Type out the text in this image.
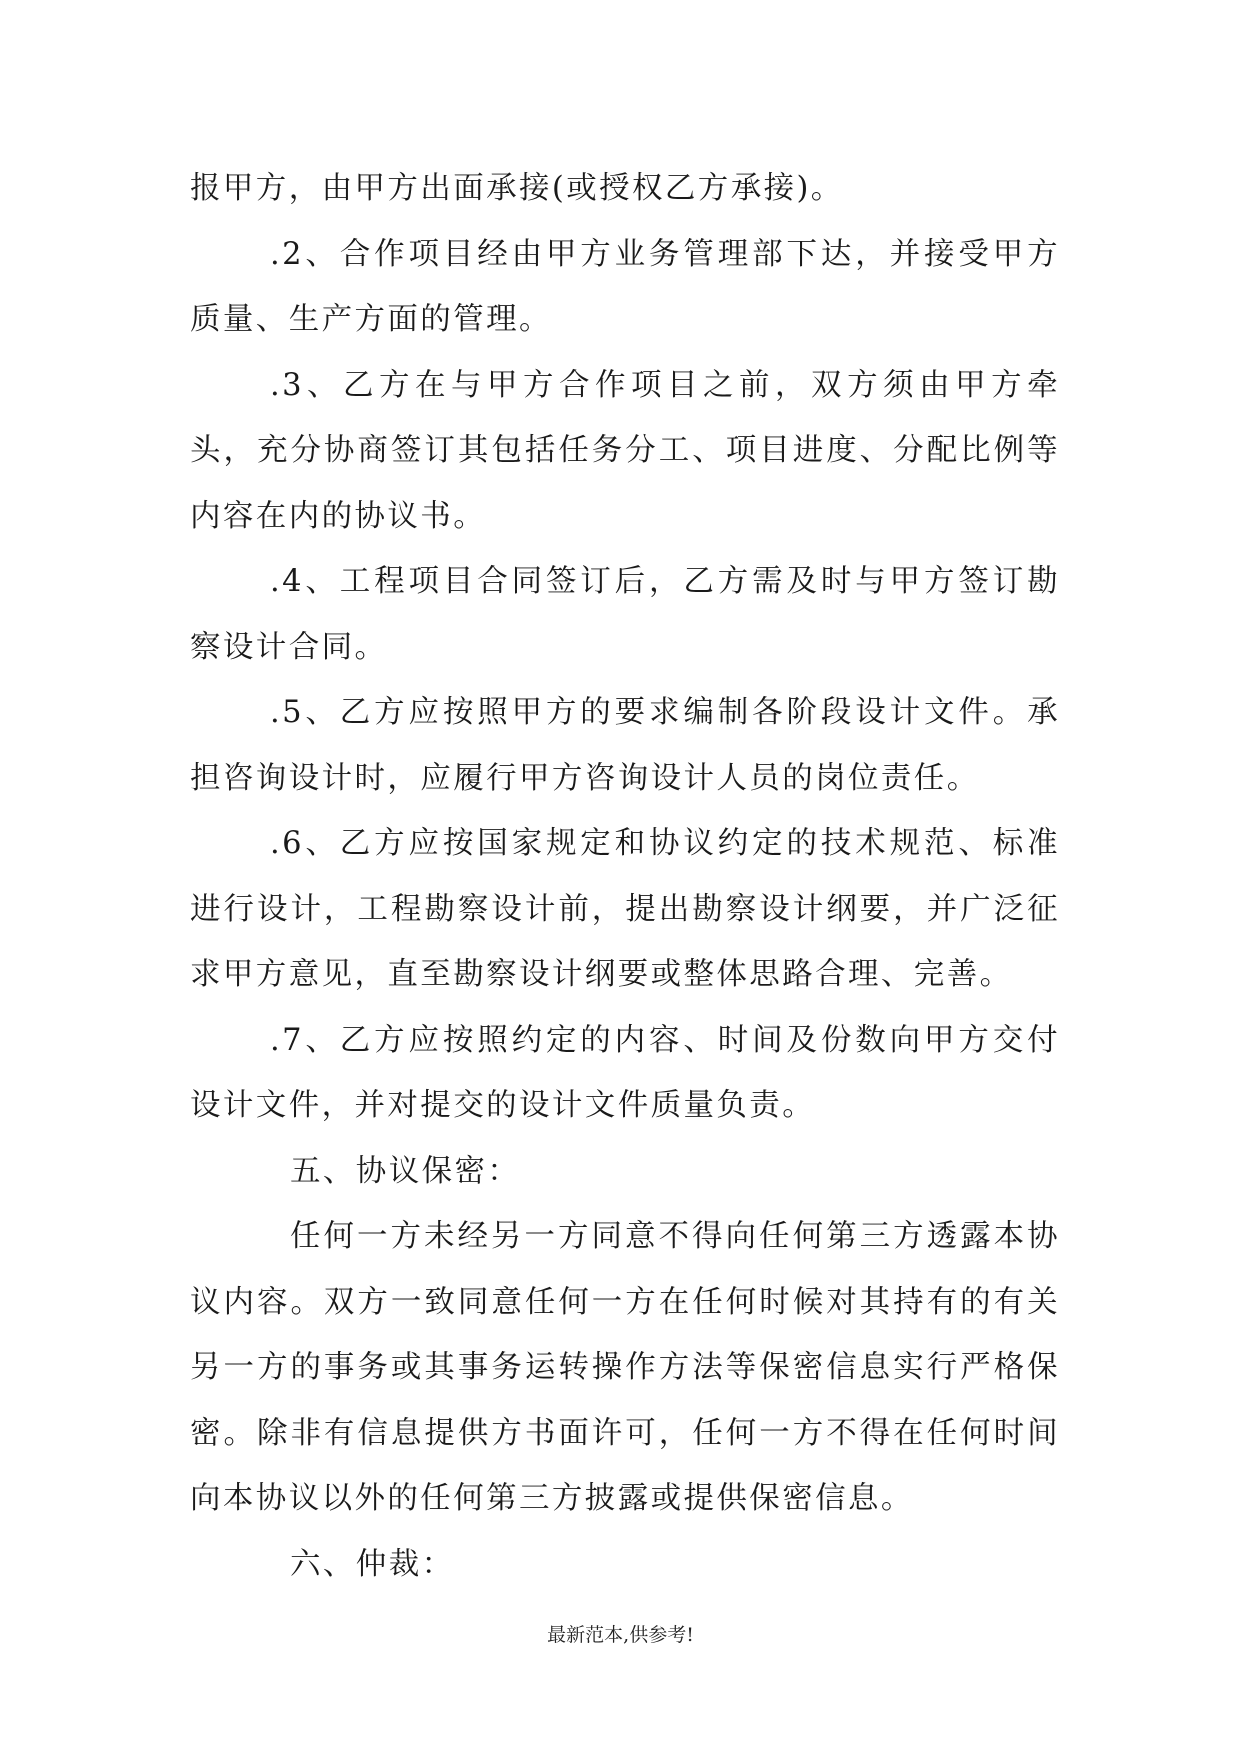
报甲方，由甲方出面承接(或授权乙方承接)。

.2、合作项目经由甲方业务管理部下达，并接受甲方质量、生产方面的管理。

.3、乙方在与甲方合作项目之前，双方须由甲方牵头，充分协商签订其包括任务分工、项目进度、分配比例等内容在内的协议书。

.4、工程项目合同签订后，乙方需及时与甲方签订勘察设计合同。

.5、乙方应按照甲方的要求编制各阶段设计文件。承担咨询设计时，应履行甲方咨询设计人员的岗位责任。

.6、乙方应按国家规定和协议约定的技术规范、标准进行设计，工程勘察设计前，提出勘察设计纲要，并广泛征求甲方意见，直至勘察设计纲要或整体思路合理、完善。

.7、乙方应按照约定的内容、时间及份数向甲方交付设计文件，并对提交的设计文件质量负责。

五、协议保密：

任何一方未经另一方同意不得向任何第三方透露本协议内容。双方一致同意任何一方在任何时候对其持有的有关另一方的事务或其事务运转操作方法等保密信息实行严格保密。除非有信息提供方书面许可，任何一方不得在任何时间向本协议以外的任何第三方披露或提供保密信息。

六、仲裁：

最新范本,供参考!
